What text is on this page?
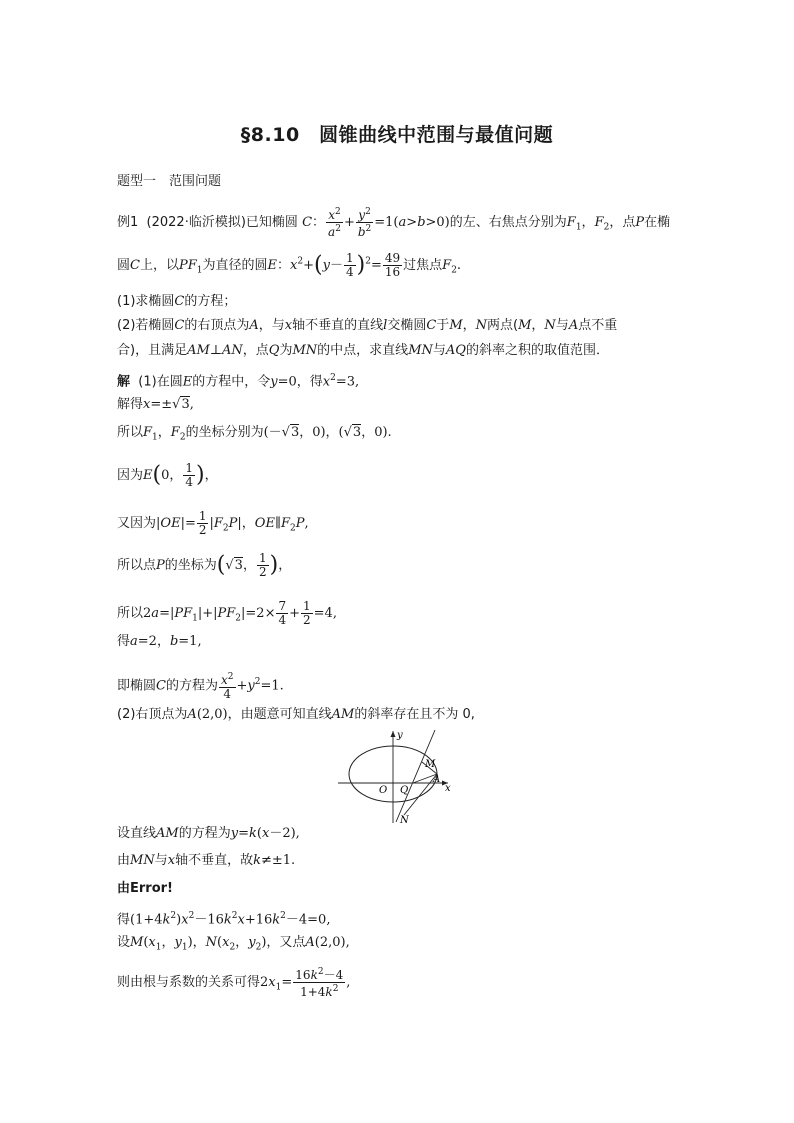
§8.10　圆锥曲线中范围与最值问题
题型一　范围问题
例1 (2022·临沂模拟)已知椭圆 C： $\frac{x^2}{a^2} + \frac{y^2}{b^2} =1(a>b>0)$的左、右焦点分别为$F_1$，$F_2$，点P在椭
圆C上，以$PF_1$为直径的圆E：$x^2+(y- \frac{1}{4} )^2= \frac{49}{16}$ 过焦点$F_2$.
(1)求椭圆C的方程；
(2)若椭圆C的右顶点为A，与x轴不垂直的直线l交椭圆C于M，N两点(M，N与A点不重
合)，且满足AM⊥AN，点Q为MN的中点，求直线MN与AQ的斜率之积的取值范围．
解 (1)在圆E的方程中，令y=0，得$x^2=3$,
解得x=±√3,
所以$F_1$，$F_2$的坐标分别为(－√3，0)，(√3，0).
因为E(0， $\frac{1}{4}$ )，
又因为$|OE|= \frac{1}{2} |F_2P|$，$OE\parallel F_2P$,
所以点P的坐标为(√3， $\frac{1}{2}$ )，
所以$2a=|PF_1|+|PF_2|=2\times \frac{7}{4} + \frac{1}{2} =4$,
得a=2，b=1,
即椭圆C的方程为 $\frac{x^2}{4} +y^2=1$.
(2)右顶点为A(2,0)，由题意可知直线AM的斜率存在且不为 0,
y
x
O Q
A
M
N
设直线AM的方程为y=k(x－2),
由MN与x轴不垂直，故k≠±1.
由Error!
得$(1+4k^2)x^2-16k^2x+16k^2-4=0$,
设$M(x_1$，$y_1$)，$N(x_2$，$y_2$)，又点A(2,0),
则由根与系数的关系可得$2x_1= \frac{16k^2-4}{1+4k^2}$ ,
